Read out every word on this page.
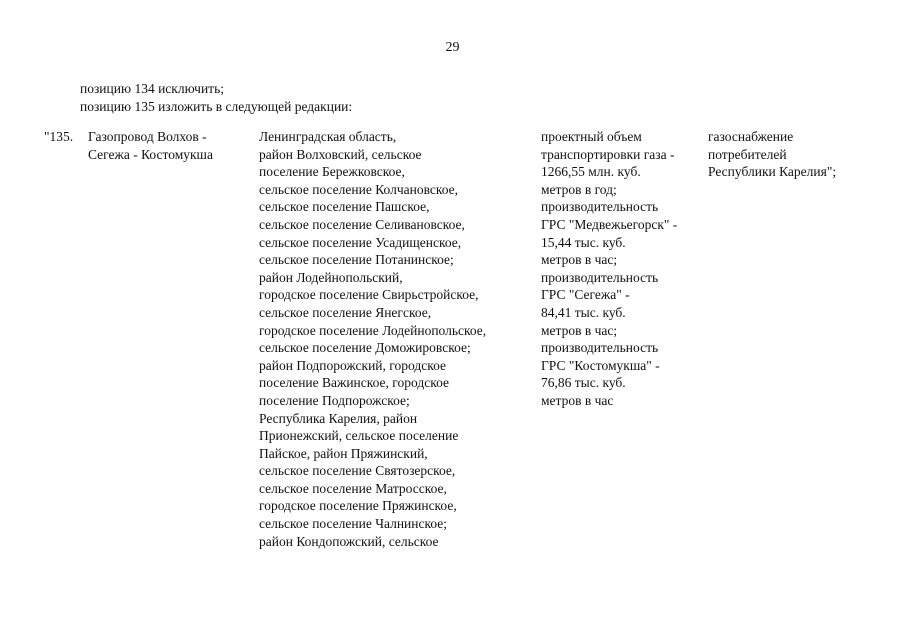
29
позицию 134 исключить;
позицию 135 изложить в следующей редакции:
"135. Газопровод Волхов -
Сегежа - Костомукша
Ленинградская область,
район Волховский, сельское
поселение Бережковское,
сельское поселение Колчановское,
сельское поселение Пашское,
сельское поселение Селивановское,
сельское поселение Усадищенское,
сельское поселение Потанинское;
район Лодейнопольский,
городское поселение Свирьстройское,
сельское поселение Янегское,
городское поселение Лодейнопольское,
сельское поселение Доможировское;
район Подпорожский, городское
поселение Важинское, городское
поселение Подпорожское;
Республика Карелия, район
Прионежский, сельское поселение
Пайское, район Пряжинский,
сельское поселение Святозерское,
сельское поселение Матросское,
городское поселение Пряжинское,
сельское поселение Чалнинское;
район Кондопожский, сельское
проектный объем
транспортировки газа -
1266,55 млн. куб.
метров в год;
производительность
ГРС "Медвежьегорск" -
15,44 тыс. куб.
метров в час;
производительность
ГРС "Сегежа" -
84,41 тыс. куб.
метров в час;
производительность
ГРС "Костомукша" -
76,86 тыс. куб.
метров в час
газоснабжение
потребителей
Республики Карелия";
